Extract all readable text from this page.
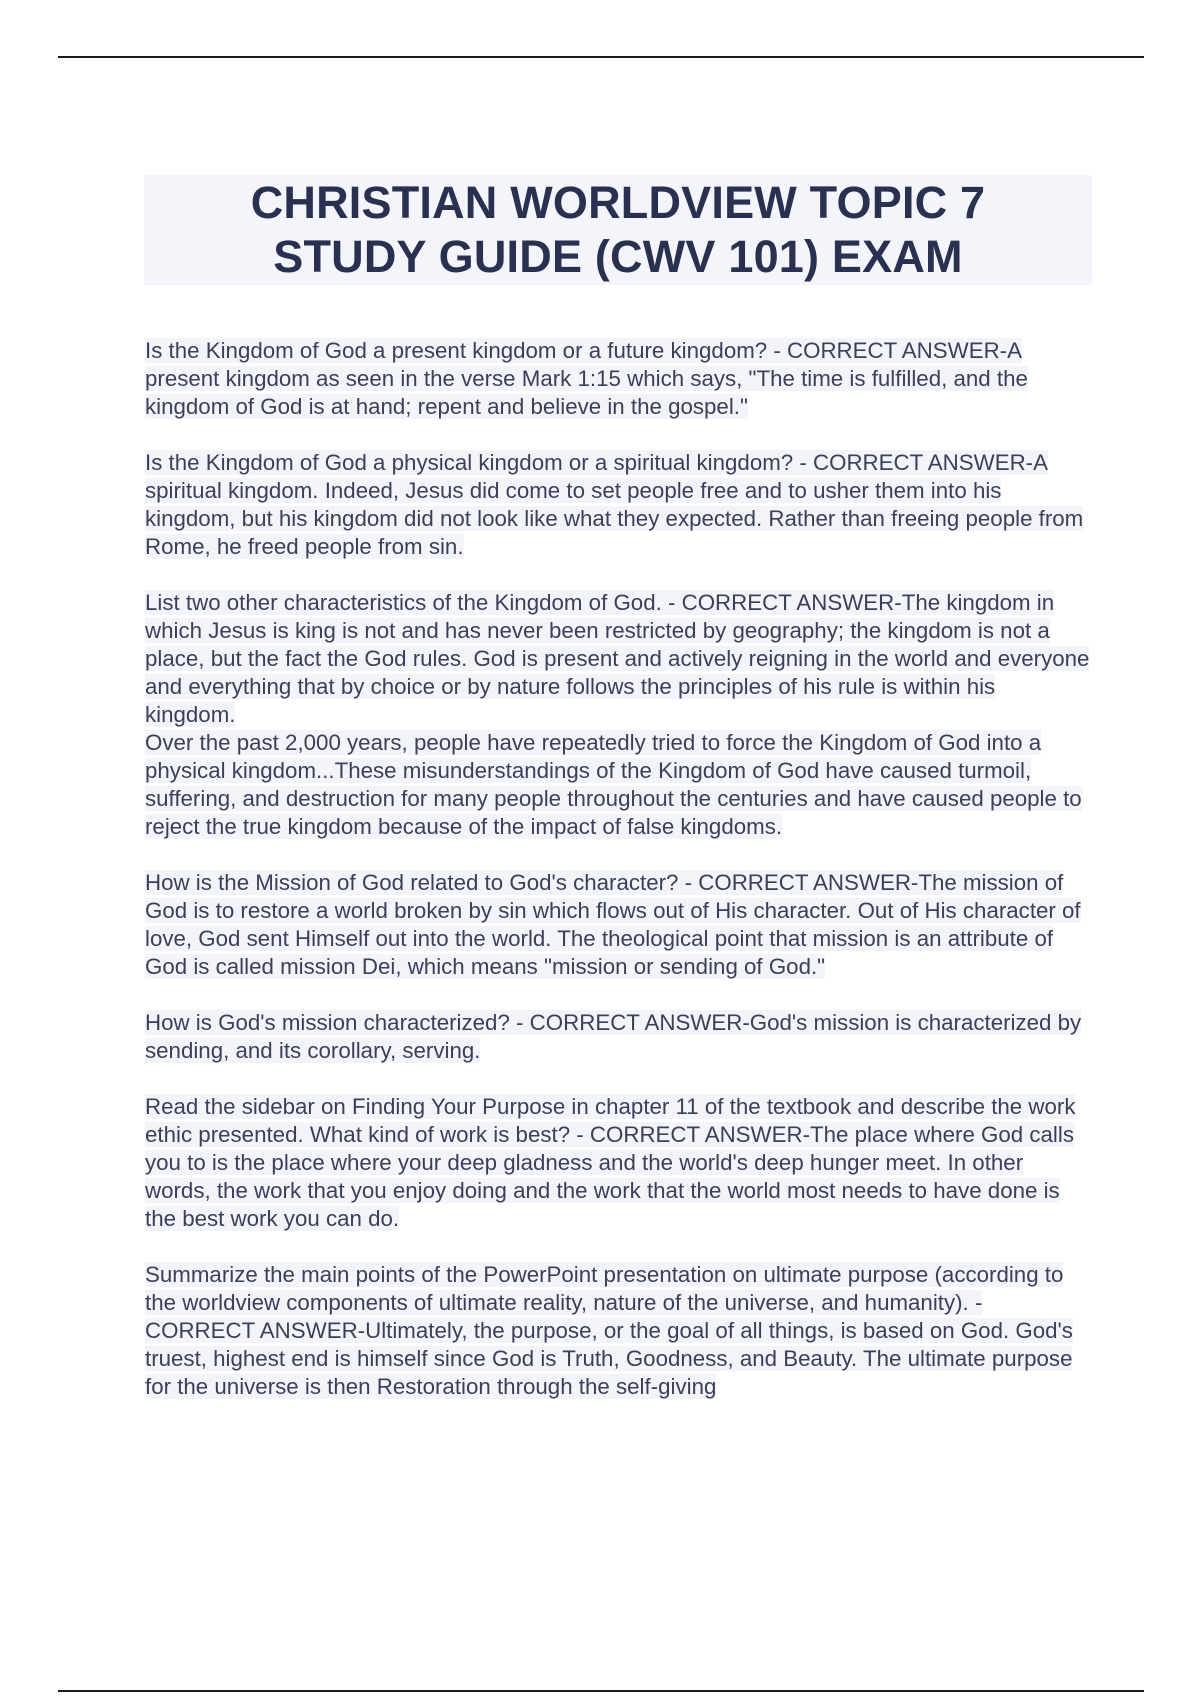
CHRISTIAN WORLDVIEW TOPIC 7
STUDY GUIDE (CWV 101) EXAM

Is the Kingdom of God a present kingdom or a future kingdom? - CORRECT ANSWER-A present kingdom as seen in the verse Mark 1:15 which says, "The time is fulfilled, and the kingdom of God is at hand; repent and believe in the gospel."

Is the Kingdom of God a physical kingdom or a spiritual kingdom? - CORRECT ANSWER-A spiritual kingdom. Indeed, Jesus did come to set people free and to usher them into his kingdom, but his kingdom did not look like what they expected. Rather than freeing people from Rome, he freed people from sin.

List two other characteristics of the Kingdom of God. - CORRECT ANSWER-The kingdom in which Jesus is king is not and has never been restricted by geography; the kingdom is not a place, but the fact the God rules. God is present and actively reigning in the world and everyone and everything that by choice or by nature follows the principles of his rule is within his kingdom.

Over the past 2,000 years, people have repeatedly tried to force the Kingdom of God into a physical kingdom...These misunderstandings of the Kingdom of God have caused turmoil, suffering, and destruction for many people throughout the centuries and have caused people to reject the true kingdom because of the impact of false kingdoms.

How is the Mission of God related to God's character? - CORRECT ANSWER-The mission of God is to restore a world broken by sin which flows out of His character. Out of His character of love, God sent Himself out into the world. The theological point that mission is an attribute of God is called mission Dei, which means "mission or sending of God."

How is God's mission characterized? - CORRECT ANSWER-God's mission is characterized by sending, and its corollary, serving.

Read the sidebar on Finding Your Purpose in chapter 11 of the textbook and describe the work ethic presented. What kind of work is best? - CORRECT ANSWER-The place where God calls you to is the place where your deep gladness and the world's deep hunger meet. In other words, the work that you enjoy doing and the work that the world most needs to have done is the best work you can do.

Summarize the main points of the PowerPoint presentation on ultimate purpose (according to the worldview components of ultimate reality, nature of the universe, and humanity). - CORRECT ANSWER-Ultimately, the purpose, or the goal of all things, is based on God. God's truest, highest end is himself since God is Truth, Goodness, and Beauty. The ultimate purpose for the universe is then Restoration through the self-giving
